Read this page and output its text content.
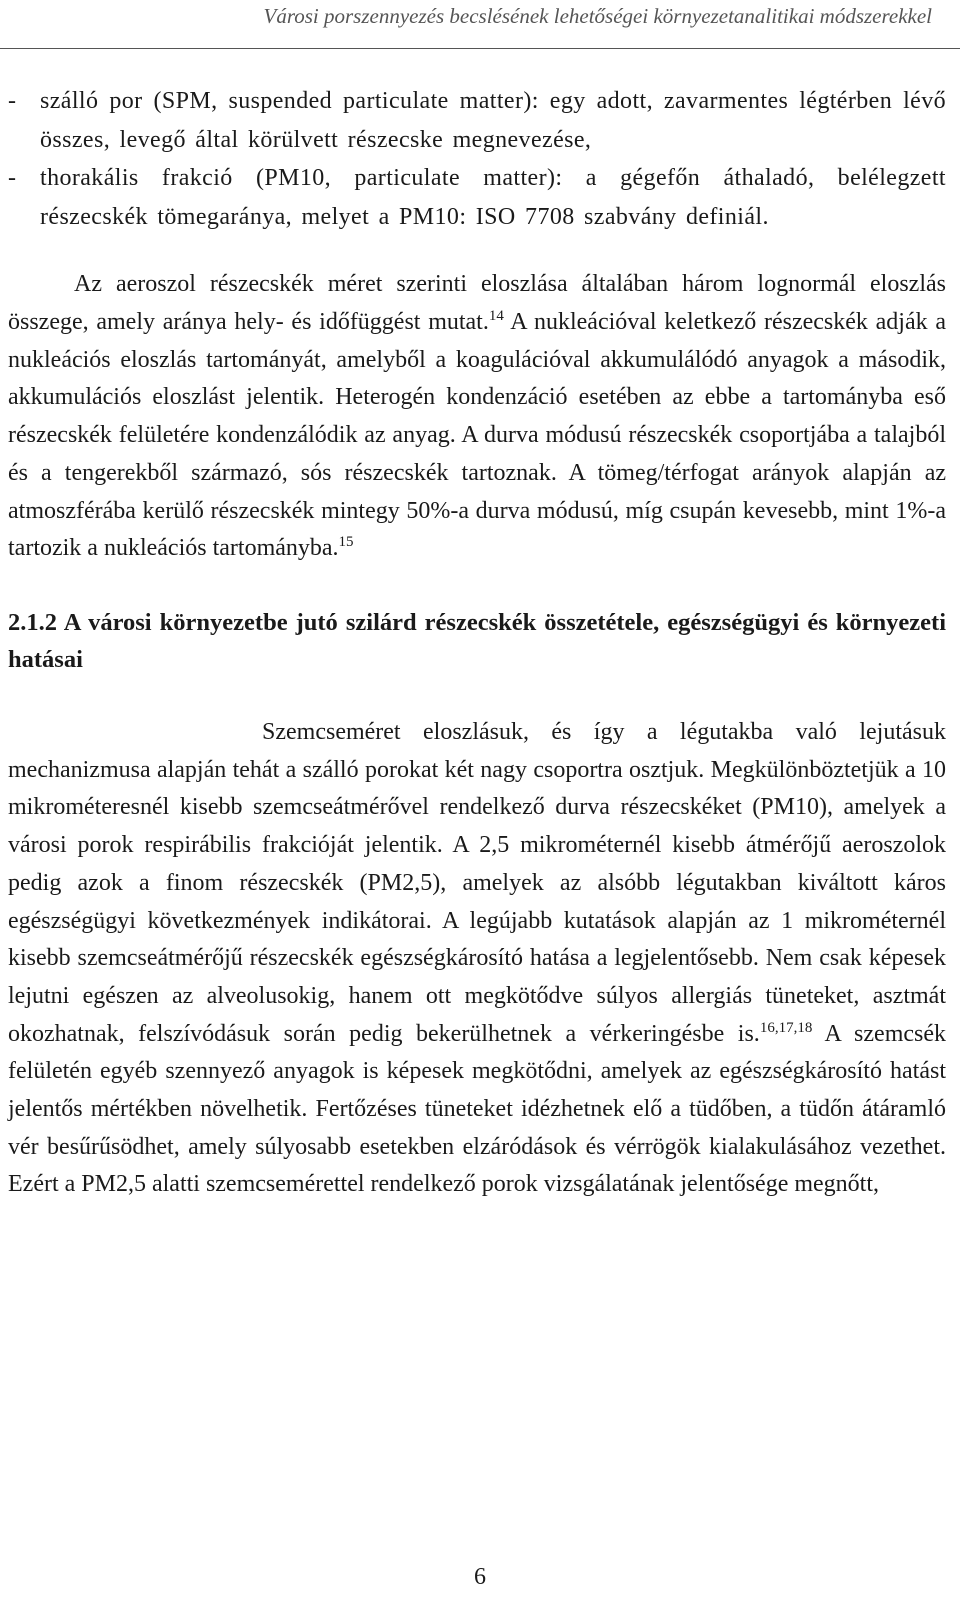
Városi porszennyezés becslésének lehetőségei környezetanalitikai módszerekkel
- szálló por (SPM, suspended particulate matter): egy adott, zavarmentes légtérben lévő összes, levegő által körülvett részecske megnevezése,
- thorakális frakció (PM10, particulate matter): a gégefőn áthaladó, belélegzett részecskék tömegaránya, melyet a PM10: ISO 7708 szabvány definiál.

Az aeroszol részecskék méret szerinti eloszlása általában három lognormál eloszlás összege, amely aránya hely- és időfüggést mutat.$^{14}$ A nukleációval keletkező részecskék adják a nukleációs eloszlás tartományát, amelyből a koagulációval akkumulálódó anyagok a második, akkumulációs eloszlást jelentik. Heterogén kondenzáció esetében az ebbe a tartományba eső részecskék felületére kondenzálódik az anyag. A durva módusú részecskék csoportjába a talajból és a tengerekből származó, sós részecskék tartoznak. A tömeg/térfogat arányok alapján az atmoszférába kerülő részecskék mintegy 50%-a durva módusú, míg csupán kevesebb, mint 1%-a tartozik a nukleációs tartományba.$^{15}$

2.1.2 A városi környezetbe jutó szilárd részecskék összetétele, egészségügyi és környezeti hatásai

Szemcseméret eloszlásuk, és így a légutakba való lejutásuk mechanizmusa alapján tehát a szálló porokat két nagy csoportra osztjuk. Megkülönböztetjük a 10 mikrométeresnél kisebb szemcseátmérővel rendelkező durva részecskéket (PM10), amelyek a városi porok respirábilis frakcióját jelentik. A 2,5 mikrométernél kisebb átmérőjű aeroszolok pedig azok a finom részecskék (PM2,5), amelyek az alsóbb légutakban kiváltott káros egészségügyi következmények indikátorai. A legújabb kutatások alapján az 1 mikrométernél kisebb szemcseátmérőjű részecskék egészségkárosító hatása a legjelentősebb. Nem csak képesek lejutni egészen az alveolusokig, hanem ott megkötődve súlyos allergiás tüneteket, asztmát okozhatnak, felszívódásuk során pedig bekerülhetnek a vérkeringésbe is.$^{16,17,18}$ A szemcsék felületén egyéb szennyező anyagok is képesek megkötődni, amelyek az egészségkárosító hatást jelentős mértékben növelhetik. Fertőzéses tüneteket idézhetnek elő a tüdőben, a tüdőn átáramló vér besűrűsödhet, amely súlyosabb esetekben elzáródások és vérrögök kialakulásához vezethet. Ezért a PM2,5 alatti szemcsemérettel rendelkező porok vizsgálatának jelentősége megnőtt,

6
